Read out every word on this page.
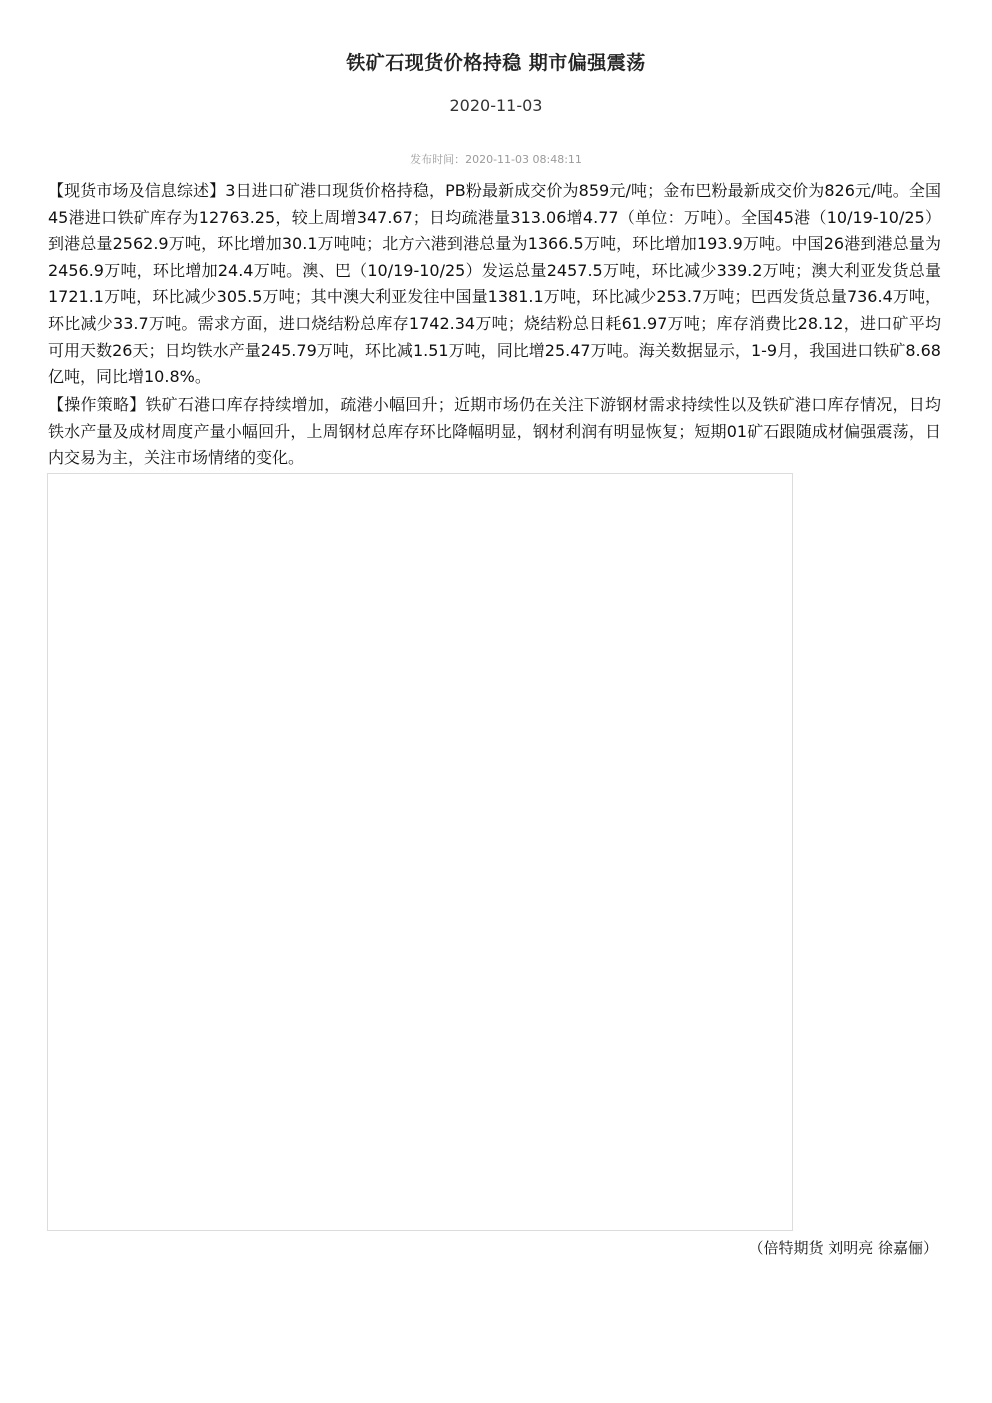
铁矿石现货价格持稳 期市偏强震荡
2020-11-03
发布时间：2020-11-03 08:48:11
【现货市场及信息综述】3日进口矿港口现货价格持稳，PB粉最新成交价为859元/吨；金布巴粉最新成交价为826元/吨。全国45港进口铁矿库存为12763.25，较上周增347.67；日均疏港量313.06增4.77（单位：万吨）。全国45港（10/19-10/25）到港总量2562.9万吨，环比增加30.1万吨吨；北方六港到港总量为1366.5万吨，环比增加193.9万吨。中国26港到港总量为2456.9万吨，环比增加24.4万吨。澳、巴（10/19-10/25）发运总量2457.5万吨，环比减少339.2万吨；澳大利亚发货总量1721.1万吨，环比减少305.5万吨；其中澳大利亚发往中国量1381.1万吨，环比减少253.7万吨；巴西发货总量736.4万吨，环比减少33.7万吨。需求方面，进口烧结粉总库存1742.34万吨；烧结粉总日耗61.97万吨；库存消费比28.12，进口矿平均可用天数26天；日均铁水产量245.79万吨，环比减1.51万吨，同比增25.47万吨。海关数据显示，1-9月，我国进口铁矿8.68亿吨，同比增10.8%。
【操作策略】铁矿石港口库存持续增加，疏港小幅回升；近期市场仍在关注下游钢材需求持续性以及铁矿港口库存情况，日均铁水产量及成材周度产量小幅回升，上周钢材总库存环比降幅明显，钢材利润有明显恢复；短期01矿石跟随成材偏强震荡，日内交易为主，关注市场情绪的变化。
（倍特期货 刘明亮 徐嘉俪）
